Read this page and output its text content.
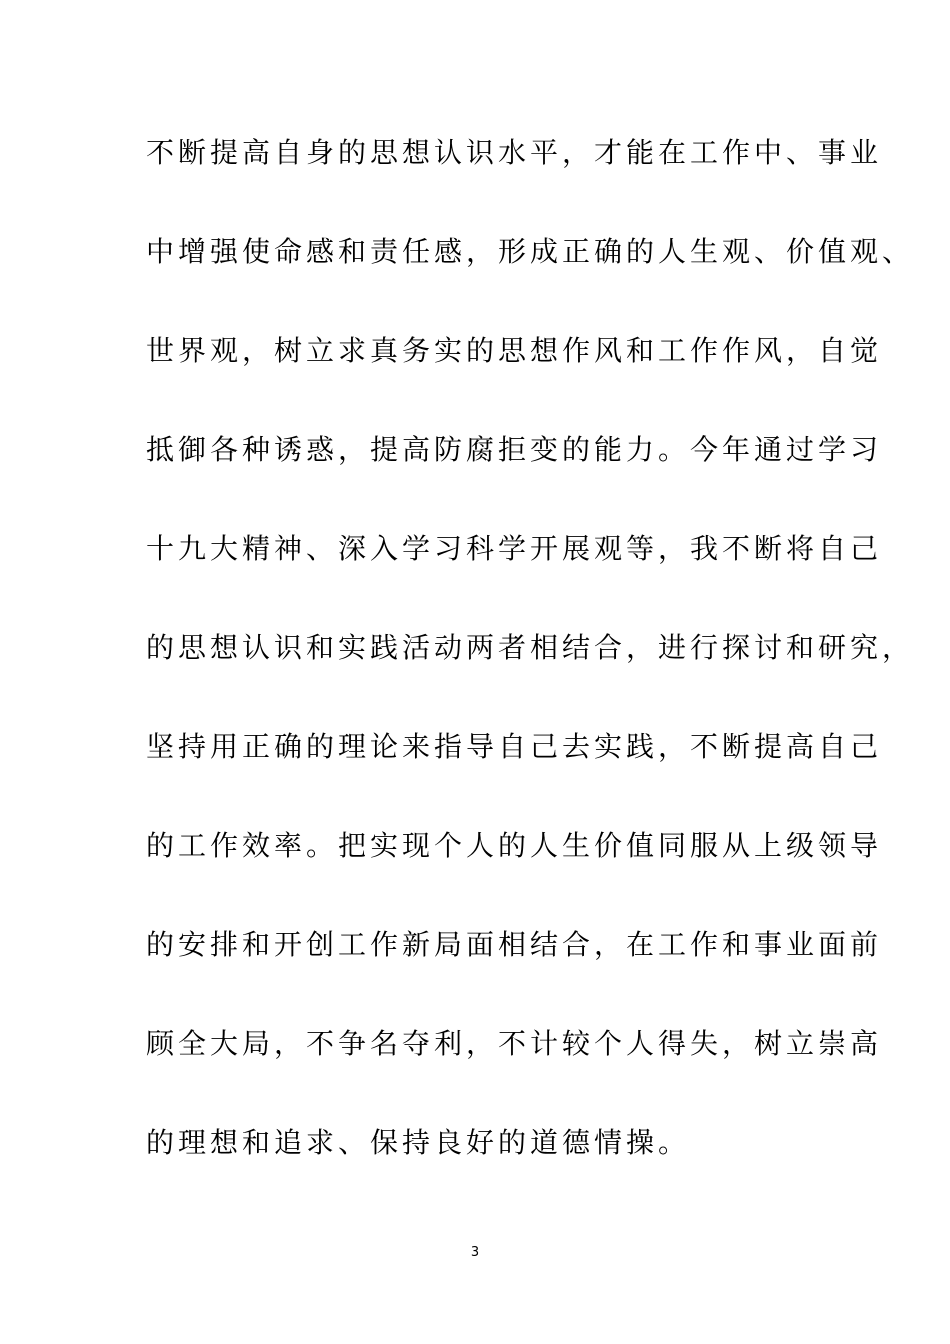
不断提高自身的思想认识水平，才能在工作中、事业
中增强使命感和责任感，形成正确的人生观、价值观、
世界观，树立求真务实的思想作风和工作作风，自觉
抵御各种诱惑，提高防腐拒变的能力。今年通过学习
十九大精神、深入学习科学开展观等，我不断将自己
的思想认识和实践活动两者相结合，进行探讨和研究，
坚持用正确的理论来指导自己去实践，不断提高自己
的工作效率。把实现个人的人生价值同服从上级领导
的安排和开创工作新局面相结合，在工作和事业面前
顾全大局，不争名夺利，不计较个人得失，树立崇高
的理想和追求、保持良好的道德情操。
3
